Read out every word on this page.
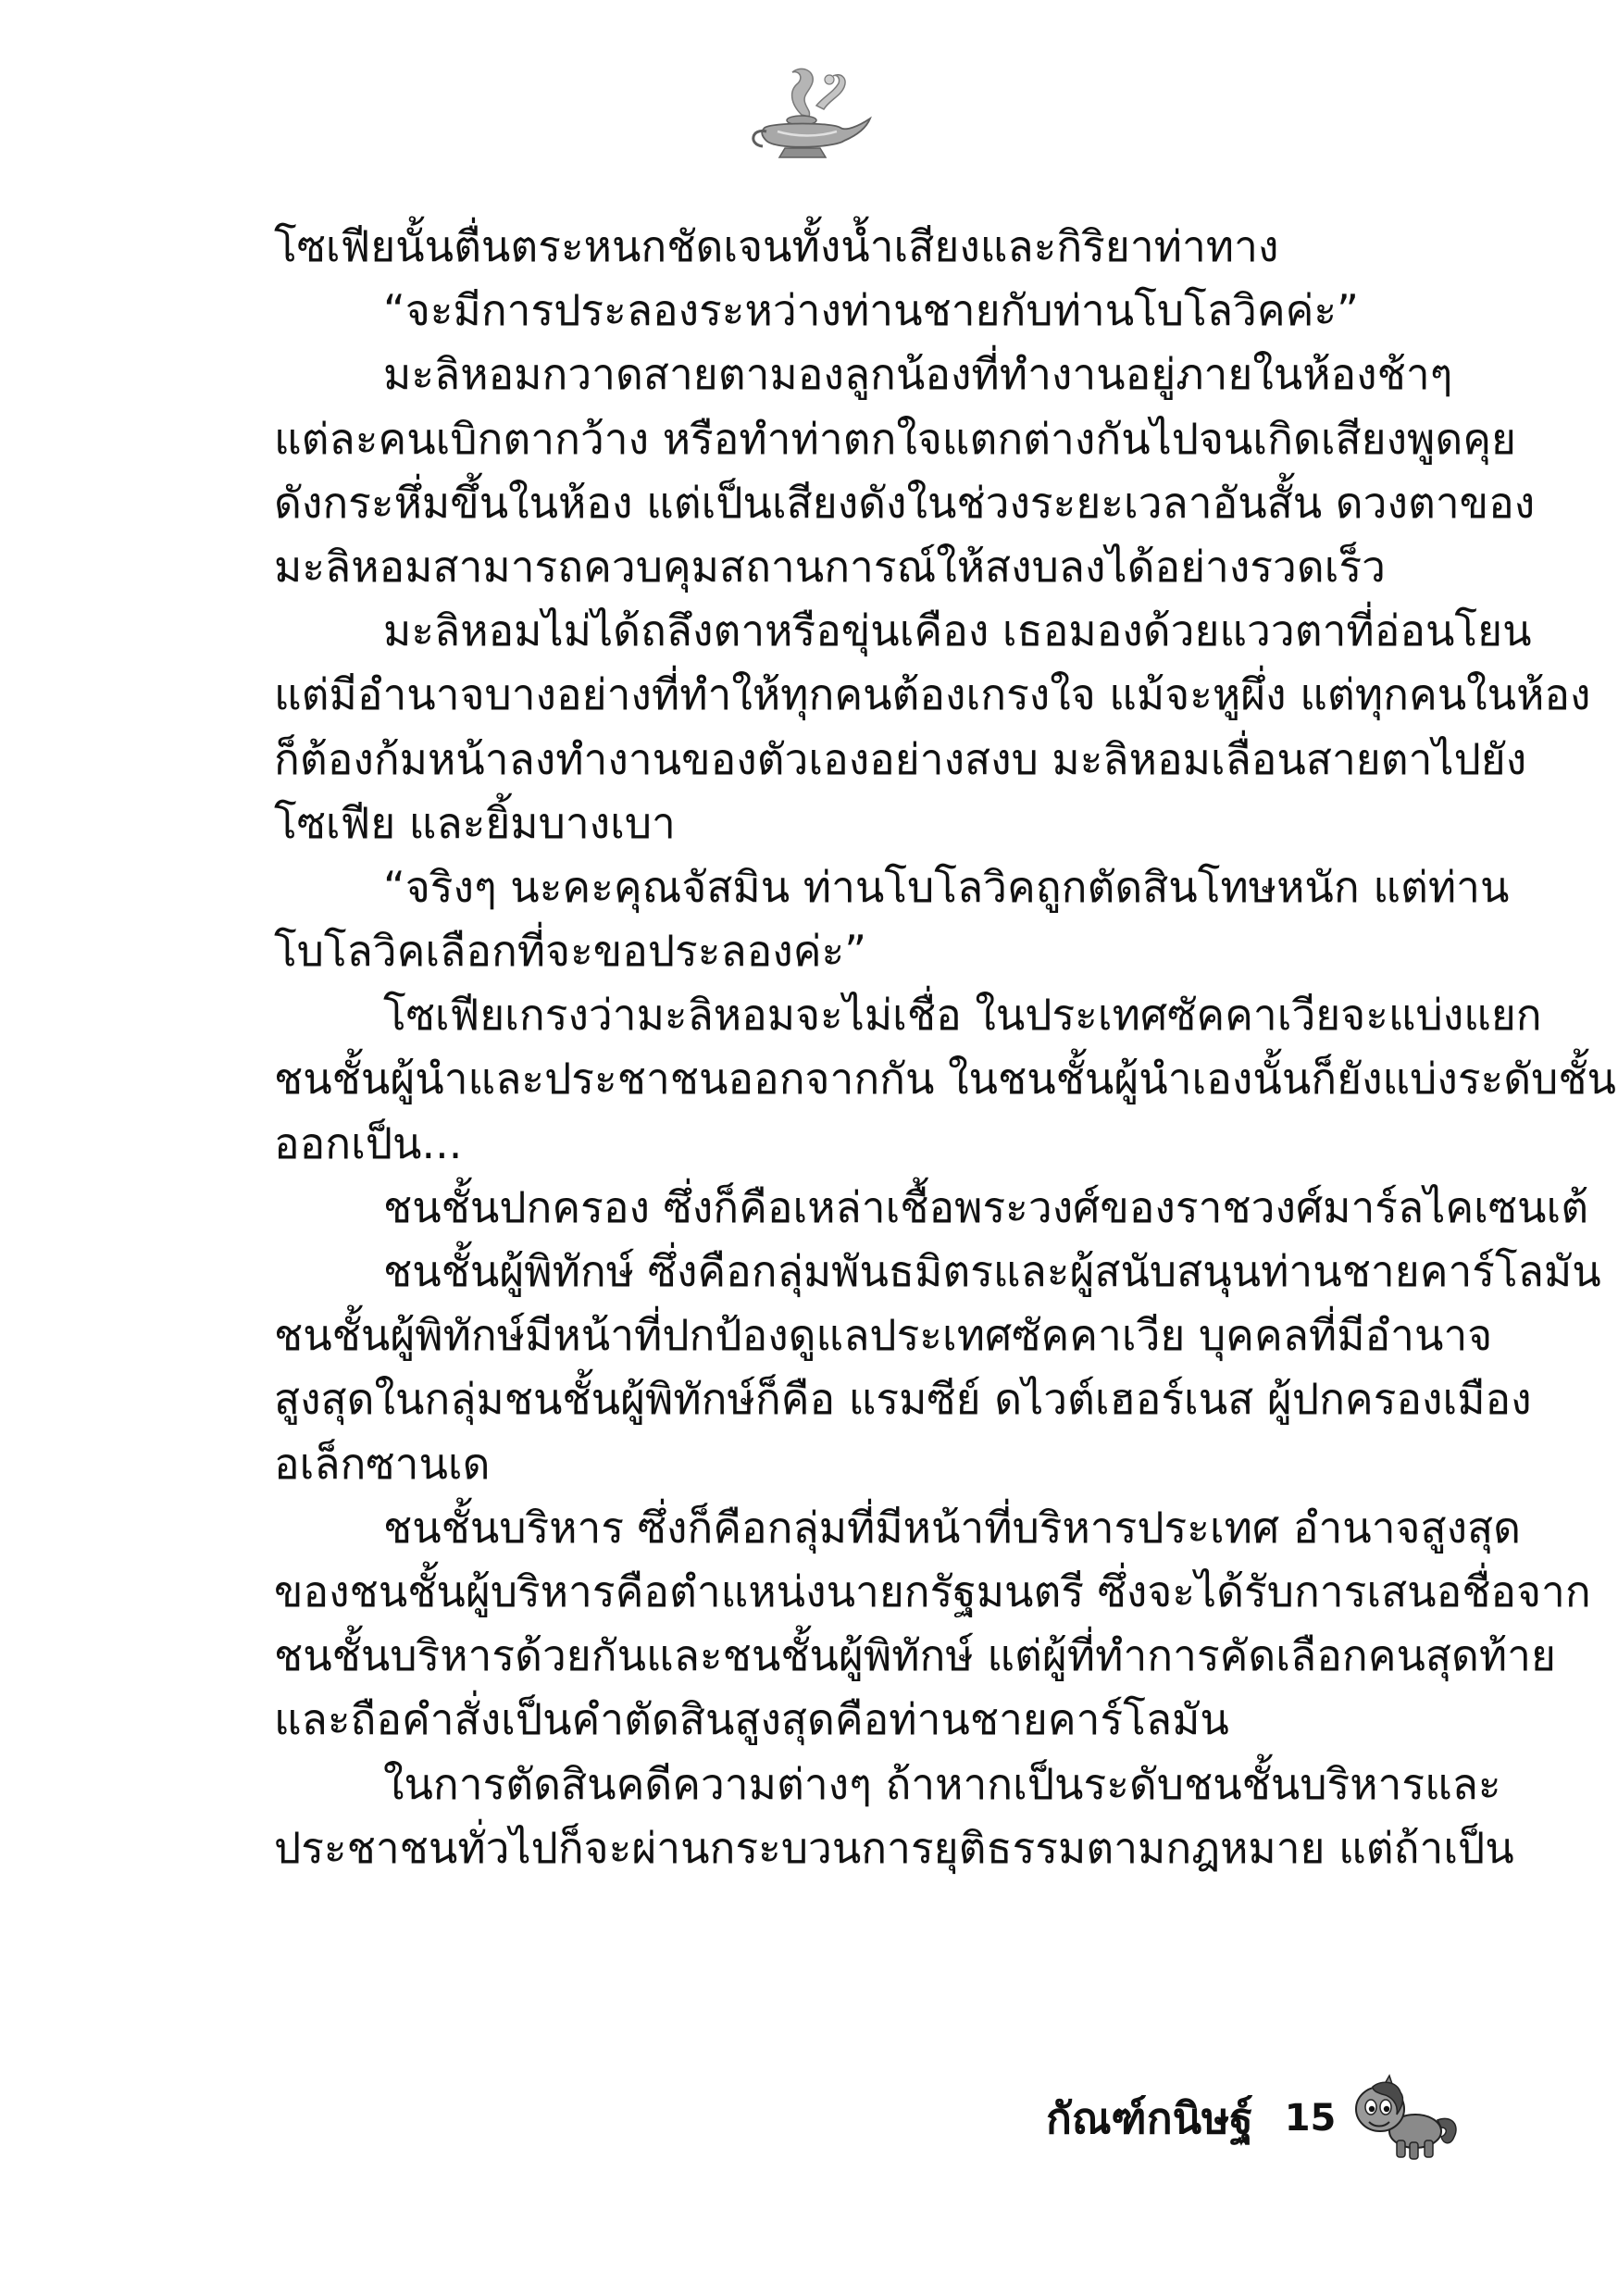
โซเฟียนั้นตื่นตระหนกชัดเจนทั้งน้ำเสียงและกิริยาท่าทาง
“จะมีการประลองระหว่างท่านชายกับท่านโบโลวิคค่ะ”
มะลิหอมกวาดสายตามองลูกน้องที่ทำงานอยู่ภายในห้องช้าๆ
แต่ละคนเบิกตากว้าง หรือทำท่าตกใจแตกต่างกันไปจนเกิดเสียงพูดคุย
ดังกระหึ่มขึ้นในห้อง แต่เป็นเสียงดังในช่วงระยะเวลาอันสั้น ดวงตาของ
มะลิหอมสามารถควบคุมสถานการณ์ให้สงบลงได้อย่างรวดเร็ว
มะลิหอมไม่ได้ถลึงตาหรือขุ่นเคือง เธอมองด้วยแววตาที่อ่อนโยน
แต่มีอำนาจบางอย่างที่ทำให้ทุกคนต้องเกรงใจ แม้จะหูผึ่ง แต่ทุกคนในห้อง
ก็ต้องก้มหน้าลงทำงานของตัวเองอย่างสงบ มะลิหอมเลื่อนสายตาไปยัง
โซเฟีย และยิ้มบางเบา
“จริงๆ นะคะคุณจัสมิน ท่านโบโลวิคถูกตัดสินโทษหนัก แต่ท่าน
โบโลวิคเลือกที่จะขอประลองค่ะ”
โซเฟียเกรงว่ามะลิหอมจะไม่เชื่อ ในประเทศซัคคาเวียจะแบ่งแยก
ชนชั้นผู้นำและประชาชนออกจากกัน ในชนชั้นผู้นำเองนั้นก็ยังแบ่งระดับชั้น
ออกเป็น...
ชนชั้นปกครอง ซึ่งก็คือเหล่าเชื้อพระวงศ์ของราชวงศ์มาร์ลไคเซนเต้
ชนชั้นผู้พิทักษ์ ซึ่งคือกลุ่มพันธมิตรและผู้สนับสนุนท่านชายคาร์โลมัน
ชนชั้นผู้พิทักษ์มีหน้าที่ปกป้องดูแลประเทศซัคคาเวีย บุคคลที่มีอำนาจ
สูงสุดในกลุ่มชนชั้นผู้พิทักษ์ก็คือ แรมซีย์ ดไวต์เฮอร์เนส ผู้ปกครองเมือง
อเล็กซานเด
ชนชั้นบริหาร ซึ่งก็คือกลุ่มที่มีหน้าที่บริหารประเทศ อำนาจสูงสุด
ของชนชั้นผู้บริหารคือตำแหน่งนายกรัฐมนตรี ซึ่งจะได้รับการเสนอชื่อจาก
ชนชั้นบริหารด้วยกันและชนชั้นผู้พิทักษ์ แต่ผู้ที่ทำการคัดเลือกคนสุดท้าย
และถือคำสั่งเป็นคำตัดสินสูงสุดคือท่านชายคาร์โลมัน
ในการตัดสินคดีความต่างๆ ถ้าหากเป็นระดับชนชั้นบริหารและ
ประชาชนทั่วไปก็จะผ่านกระบวนการยุติธรรมตามกฎหมาย แต่ถ้าเป็น
กัณฑ์กนิษฐ์ 15
